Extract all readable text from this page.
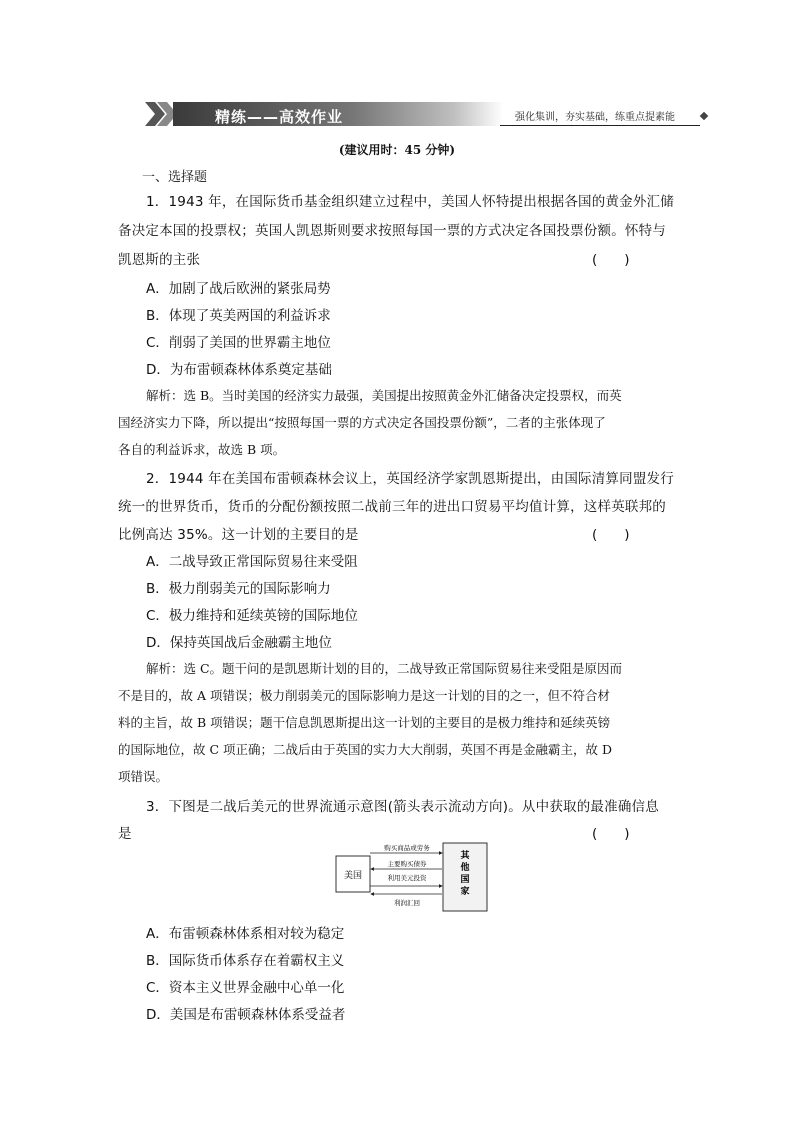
精练——高效作业	强化集训，夯实基础，练重点提素能
(建议用时：45 分钟)
一、选择题
1．1943 年，在国际货币基金组织建立过程中，美国人怀特提出根据各国的黄金外汇储
备决定本国的投票权；英国人凯恩斯则要求按照每国一票的方式决定各国投票份额。怀特与
凯恩斯的主张	(　　)
A．加剧了战后欧洲的紧张局势
B．体现了英美两国的利益诉求
C．削弱了美国的世界霸主地位
D．为布雷顿森林体系奠定基础
解析：选 B。当时美国的经济实力最强，美国提出按照黄金外汇储备决定投票权，而英
国经济实力下降，所以提出“按照每国一票的方式决定各国投票份额”，二者的主张体现了
各自的利益诉求，故选 B 项。
2．1944 年在美国布雷顿森林会议上，英国经济学家凯恩斯提出，由国际清算同盟发行
统一的世界货币，货币的分配份额按照二战前三年的进出口贸易平均值计算，这样英联邦的
比例高达 35%。这一计划的主要目的是	(　　)
A．二战导致正常国际贸易往来受阻
B．极力削弱美元的国际影响力
C．极力维持和延续英镑的国际地位
D．保持英国战后金融霸主地位
解析：选 C。题干问的是凯恩斯计划的目的，二战导致正常国际贸易往来受阻是原因而
不是目的，故 A 项错误；极力削弱美元的国际影响力是这一计划的目的之一，但不符合材
料的主旨，故 B 项错误；题干信息凯恩斯提出这一计划的主要目的是极力维持和延续英镑
的国际地位，故 C 项正确；二战后由于英国的实力大大削弱，英国不再是金融霸主，故 D
项错误。
3．下图是二战后美元的世界流通示意图(箭头表示流动方向)。从中获取的最准确信息
是	(　　)
美国
其
他
国
家
购买商品或劳务
主要购买债券
利用美元投资
利润汇回
A．布雷顿森林体系相对较为稳定
B．国际货币体系存在着霸权主义
C．资本主义世界金融中心单一化
D．美国是布雷顿森林体系受益者
